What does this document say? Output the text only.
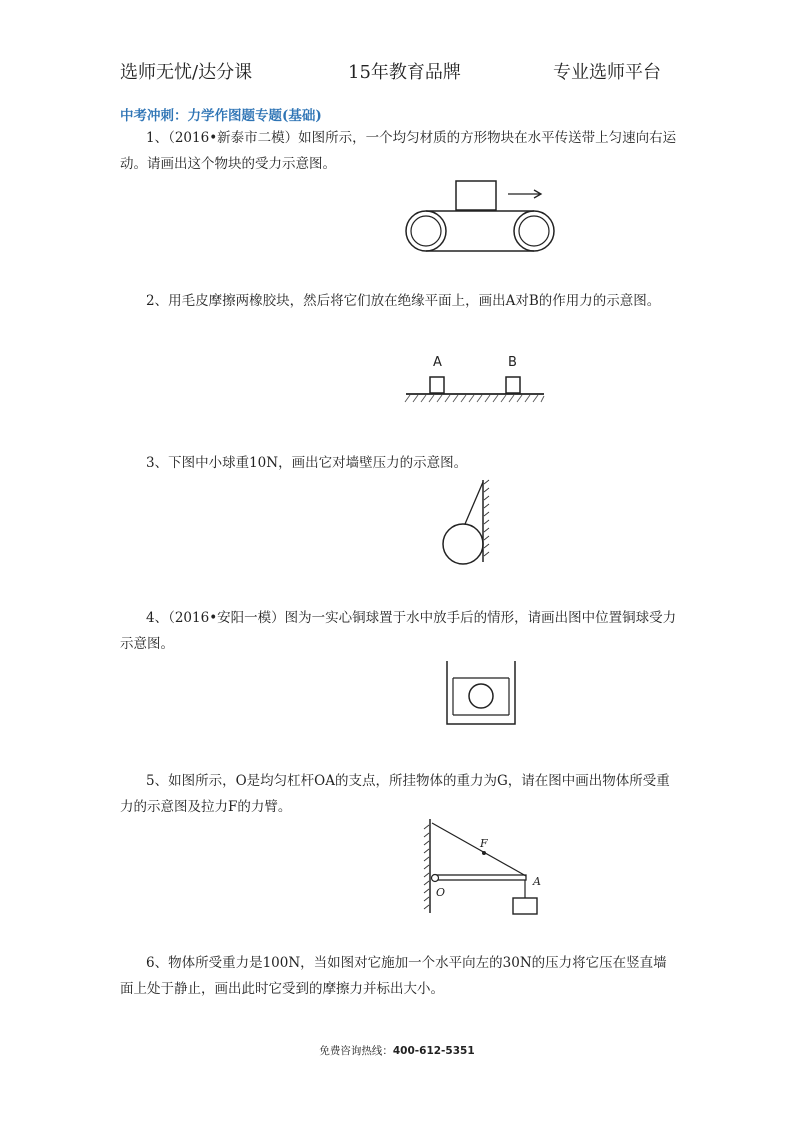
选师无忧/达分课	15年教育品牌	专业选师平台
中考冲刺：力学作图题专题(基础)
1、（2016•新泰市二模）如图所示，一个均匀材质的方形物块在水平传送带上匀速向右运动。请画出这个物块的受力示意图。
2、用毛皮摩擦两橡胶块，然后将它们放在绝缘平面上，画出A对B的作用力的示意图。
A	B
3、下图中小球重10N，画出它对墙壁压力的示意图。
4、（2016•安阳一模）图为一实心铜球置于水中放手后的情形，请画出图中位置铜球受力示意图。
5、如图所示，O是均匀杠杆OA的支点，所挂物体的重力为G，请在图中画出物体所受重力的示意图及拉力F的力臂。
F
O
A
6、物体所受重力是100N，当如图对它施加一个水平向左的30N的压力将它压在竖直墙面上处于静止，画出此时它受到的摩擦力并标出大小。
免费咨询热线：400-612-5351
